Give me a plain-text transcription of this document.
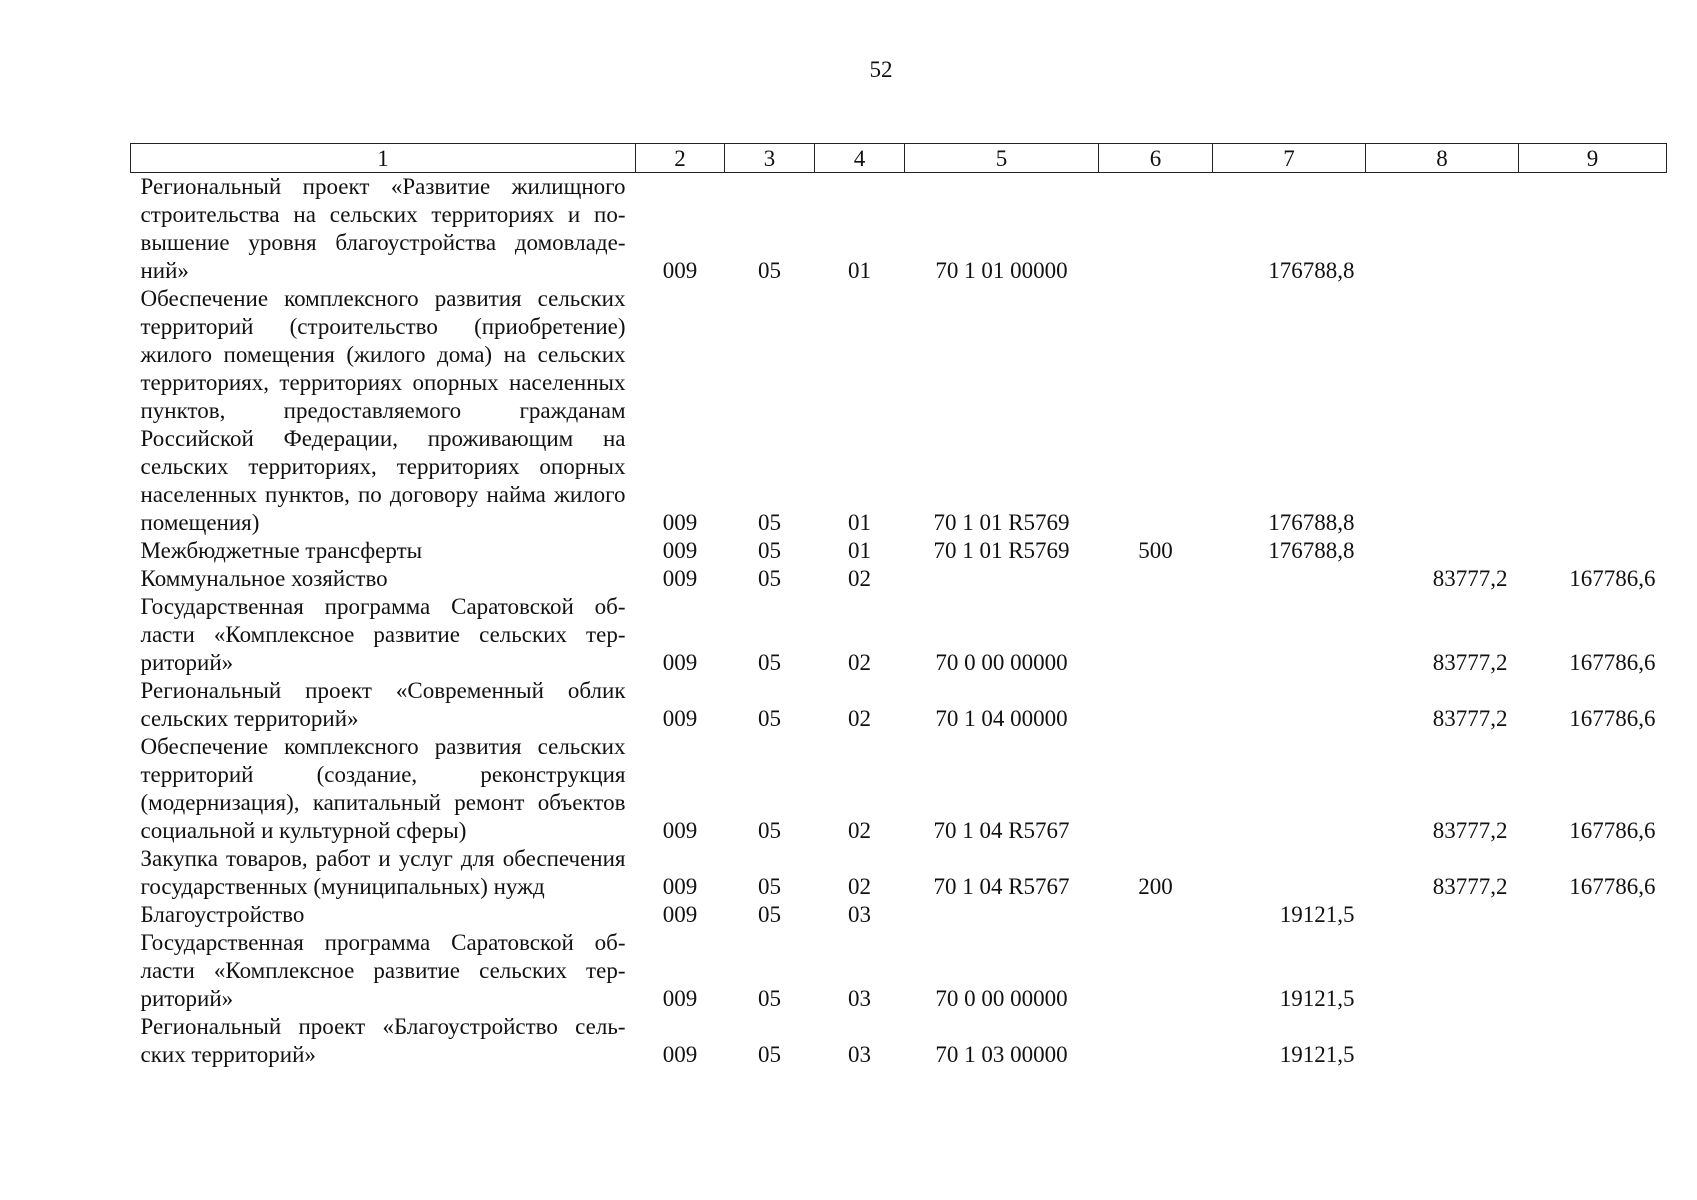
52
1	2	3	4	5	6	7	8	9
Региональный проект «Развитие жилищного строительства на сельских территориях и повышение уровня благоустройства домовладений»	009	05	01	70 1 01 00000		176788,8		
Обеспечение комплексного развития сельских территорий (строительство (приобретение) жилого помещения (жилого дома) на сельских территориях, территориях опорных населенных пунктов, предоставляемого гражданам Российской Федерации, проживающим на сельских территориях, территориях опорных населенных пунктов, по договору найма жилого помещения)	009	05	01	70 1 01 R5769		176788,8		
Межбюджетные трансферты	009	05	01	70 1 01 R5769	500	176788,8		
Коммунальное хозяйство	009	05	02				83777,2	167786,6
Государственная программа Саратовской области «Комплексное развитие сельских территорий»	009	05	02	70 0 00 00000			83777,2	167786,6
Региональный проект «Современный облик сельских территорий»	009	05	02	70 1 04 00000			83777,2	167786,6
Обеспечение комплексного развития сельских территорий (создание, реконструкция (модернизация), капитальный ремонт объектов социальной и культурной сферы)	009	05	02	70 1 04 R5767			83777,2	167786,6
Закупка товаров, работ и услуг для обеспечения государственных (муниципальных) нужд	009	05	02	70 1 04 R5767	200		83777,2	167786,6
Благоустройство	009	05	03			19121,5		
Государственная программа Саратовской области «Комплексное развитие сельских территорий»	009	05	03	70 0 00 00000		19121,5		
Региональный проект «Благоустройство сельских территорий»	009	05	03	70 1 03 00000		19121,5		
